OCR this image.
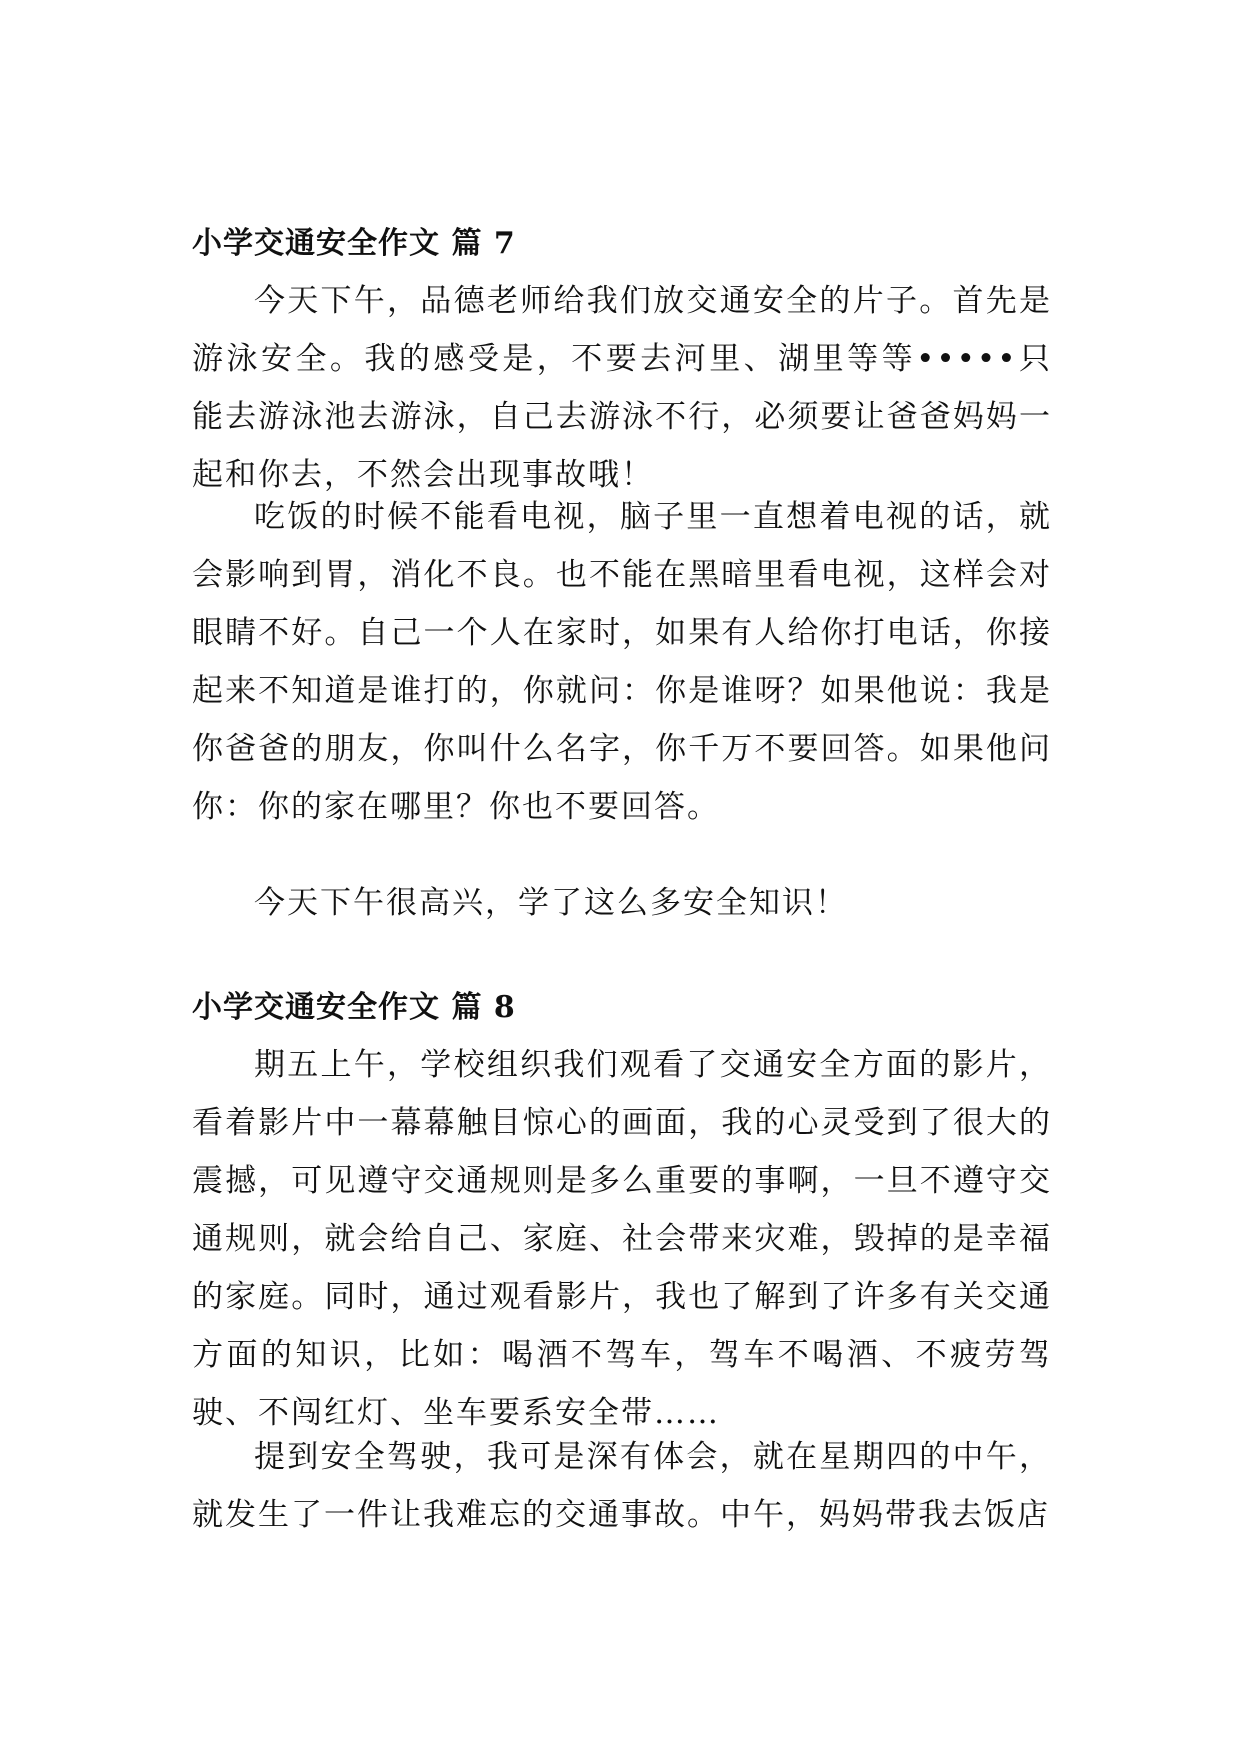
小学交通安全作文 篇 7

今天下午，品德老师给我们放交通安全的片子。首先是游泳安全。我的感受是，不要去河里、湖里等等•••••只能去游泳池去游泳，自己去游泳不行，必须要让爸爸妈妈一起和你去，不然会出现事故哦！

吃饭的时候不能看电视，脑子里一直想着电视的话，就会影响到胃，消化不良。也不能在黑暗里看电视，这样会对眼睛不好。自己一个人在家时，如果有人给你打电话，你接起来不知道是谁打的，你就问：你是谁呀？如果他说：我是你爸爸的朋友，你叫什么名字，你千万不要回答。如果他问你：你的家在哪里？你也不要回答。

今天下午很高兴，学了这么多安全知识！

小学交通安全作文 篇 8

期五上午，学校组织我们观看了交通安全方面的影片，看着影片中一幕幕触目惊心的画面，我的心灵受到了很大的震撼，可见遵守交通规则是多么重要的事啊，一旦不遵守交通规则，就会给自己、家庭、社会带来灾难，毁掉的是幸福的家庭。同时，通过观看影片，我也了解到了许多有关交通方面的知识，比如：喝酒不驾车，驾车不喝酒、不疲劳驾驶、不闯红灯、坐车要系安全带……

提到安全驾驶，我可是深有体会，就在星期四的中午，就发生了一件让我难忘的交通事故。中午，妈妈带我去饭店
